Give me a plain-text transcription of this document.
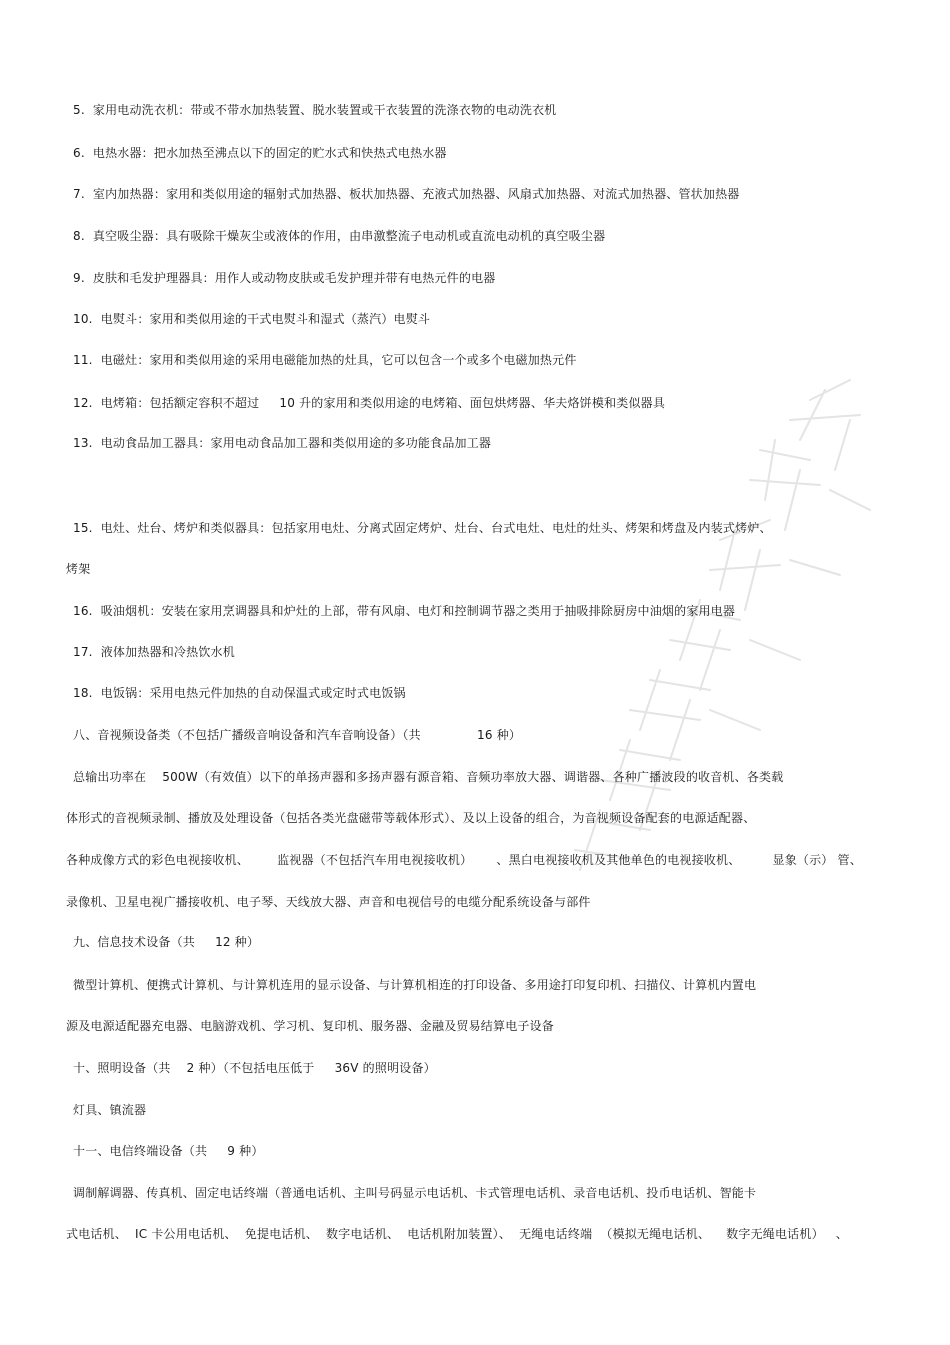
5.  家用电动洗衣机：带或不带水加热装置、脱水装置或干衣装置的洗涤衣物的电动洗衣机
6.  电热水器：把水加热至沸点以下的固定的贮水式和快热式电热水器
7.  室内加热器：家用和类似用途的辐射式加热器、板状加热器、充液式加热器、风扇式加热器、对流式加热器、管状加热器
8.  真空吸尘器：具有吸除干燥灰尘或液体的作用，由串激整流子电动机或直流电动机的真空吸尘器
9.  皮肤和毛发护理器具：用作人或动物皮肤或毛发护理并带有电热元件的电器
10.  电熨斗：家用和类似用途的干式电熨斗和湿式（蒸汽）电熨斗
11.  电磁灶：家用和类似用途的采用电磁能加热的灶具，它可以包含一个或多个电磁加热元件
12.  电烤箱：包括额定容积不超过     10 升的家用和类似用途的电烤箱、面包烘烤器、华夫烙饼模和类似器具
13.  电动食品加工器具：家用电动食品加工器和类似用途的多功能食品加工器
15.  电灶、灶台、烤炉和类似器具：包括家用电灶、分离式固定烤炉、灶台、台式电灶、电灶的灶头、烤架和烤盘及内装式烤炉、
烤架
16.  吸油烟机：安装在家用烹调器具和炉灶的上部，带有风扇、电灯和控制调节器之类用于抽吸排除厨房中油烟的家用电器
17.  液体加热器和冷热饮水机
18.  电饭锅：采用电热元件加热的自动保温式或定时式电饭锅
八、音视频设备类（不包括广播级音响设备和汽车音响设备）（共              16 种）
总输出功率在    500W（有效值）以下的单扬声器和多扬声器有源音箱、音频功率放大器、调谐器、各种广播波段的收音机、各类载
体形式的音视频录制、播放及处理设备（包括各类光盘磁带等载体形式）、及以上设备的组合，为音视频设备配套的电源适配器、
各种成像方式的彩色电视接收机、       监视器（不包括汽车用电视接收机）      、黑白电视接收机及其他单色的电视接收机、        显象（示） 管、
录像机、卫星电视广播接收机、电子琴、天线放大器、声音和电视信号的电缆分配系统设备与部件
九、信息技术设备（共     12 种）
微型计算机、便携式计算机、与计算机连用的显示设备、与计算机相连的打印设备、多用途打印复印机、扫描仪、计算机内置电
源及电源适配器充电器、电脑游戏机、学习机、复印机、服务器、金融及贸易结算电子设备
十、照明设备（共    2 种）（不包括电压低于     36V 的照明设备）
灯具、镇流器
十一、电信终端设备（共     9 种）
调制解调器、传真机、固定电话终端（普通电话机、主叫号码显示电话机、卡式管理电话机、录音电话机、投币电话机、智能卡
式电话机、  IC 卡公用电话机、  免提电话机、  数字电话机、  电话机附加装置）、  无绳电话终端  （模拟无绳电话机、    数字无绳电话机）   、
